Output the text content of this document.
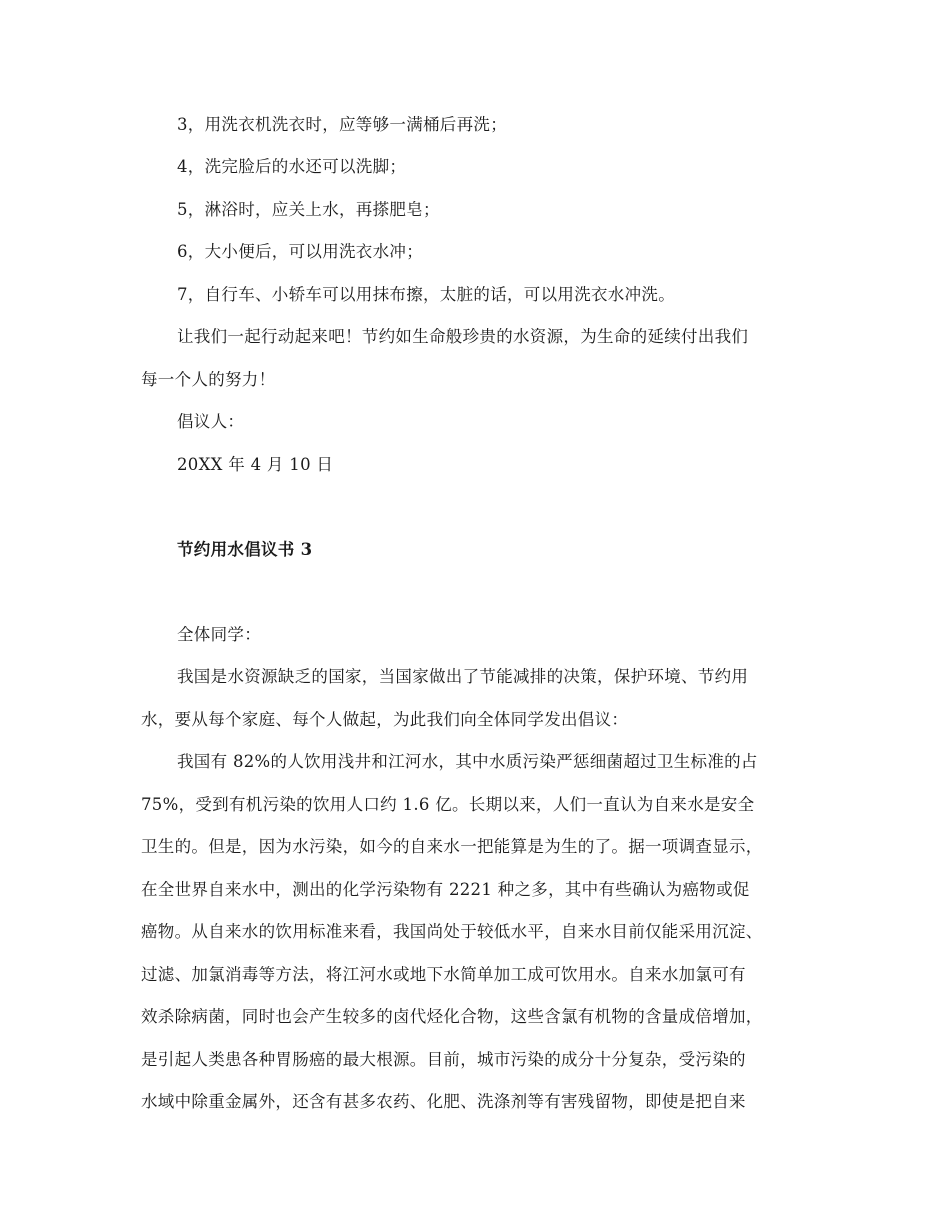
3，用洗衣机洗衣时，应等够一满桶后再洗；
4，洗完脸后的水还可以洗脚；
5，淋浴时，应关上水，再搽肥皂；
6，大小便后，可以用洗衣水冲；
7，自行车、小轿车可以用抹布擦，太脏的话，可以用洗衣水冲洗。
让我们一起行动起来吧！节约如生命般珍贵的水资源，为生命的延续付出我们
每一个人的努力！
倡议人：
20XX 年 4 月 10 日
节约用水倡议书 3
全体同学：
我国是水资源缺乏的国家，当国家做出了节能减排的决策，保护环境、节约用
水，要从每个家庭、每个人做起，为此我们向全体同学发出倡议：
我国有 82%的人饮用浅井和江河水，其中水质污染严惩细菌超过卫生标准的占
75%，受到有机污染的饮用人口约 1.6 亿。长期以来，人们一直认为自来水是安全
卫生的。但是，因为水污染，如今的自来水一把能算是为生的了。据一项调查显示，
在全世界自来水中，测出的化学污染物有 2221 种之多，其中有些确认为癌物或促
癌物。从自来水的饮用标准来看，我国尚处于较低水平，自来水目前仅能采用沉淀、
过滤、加氯消毒等方法，将江河水或地下水简单加工成可饮用水。自来水加氯可有
效杀除病菌，同时也会产生较多的卤代烃化合物，这些含氯有机物的含量成倍增加，
是引起人类患各种胃肠癌的最大根源。目前，城市污染的成分十分复杂，受污染的
水域中除重金属外，还含有甚多农药、化肥、洗涤剂等有害残留物，即使是把自来
